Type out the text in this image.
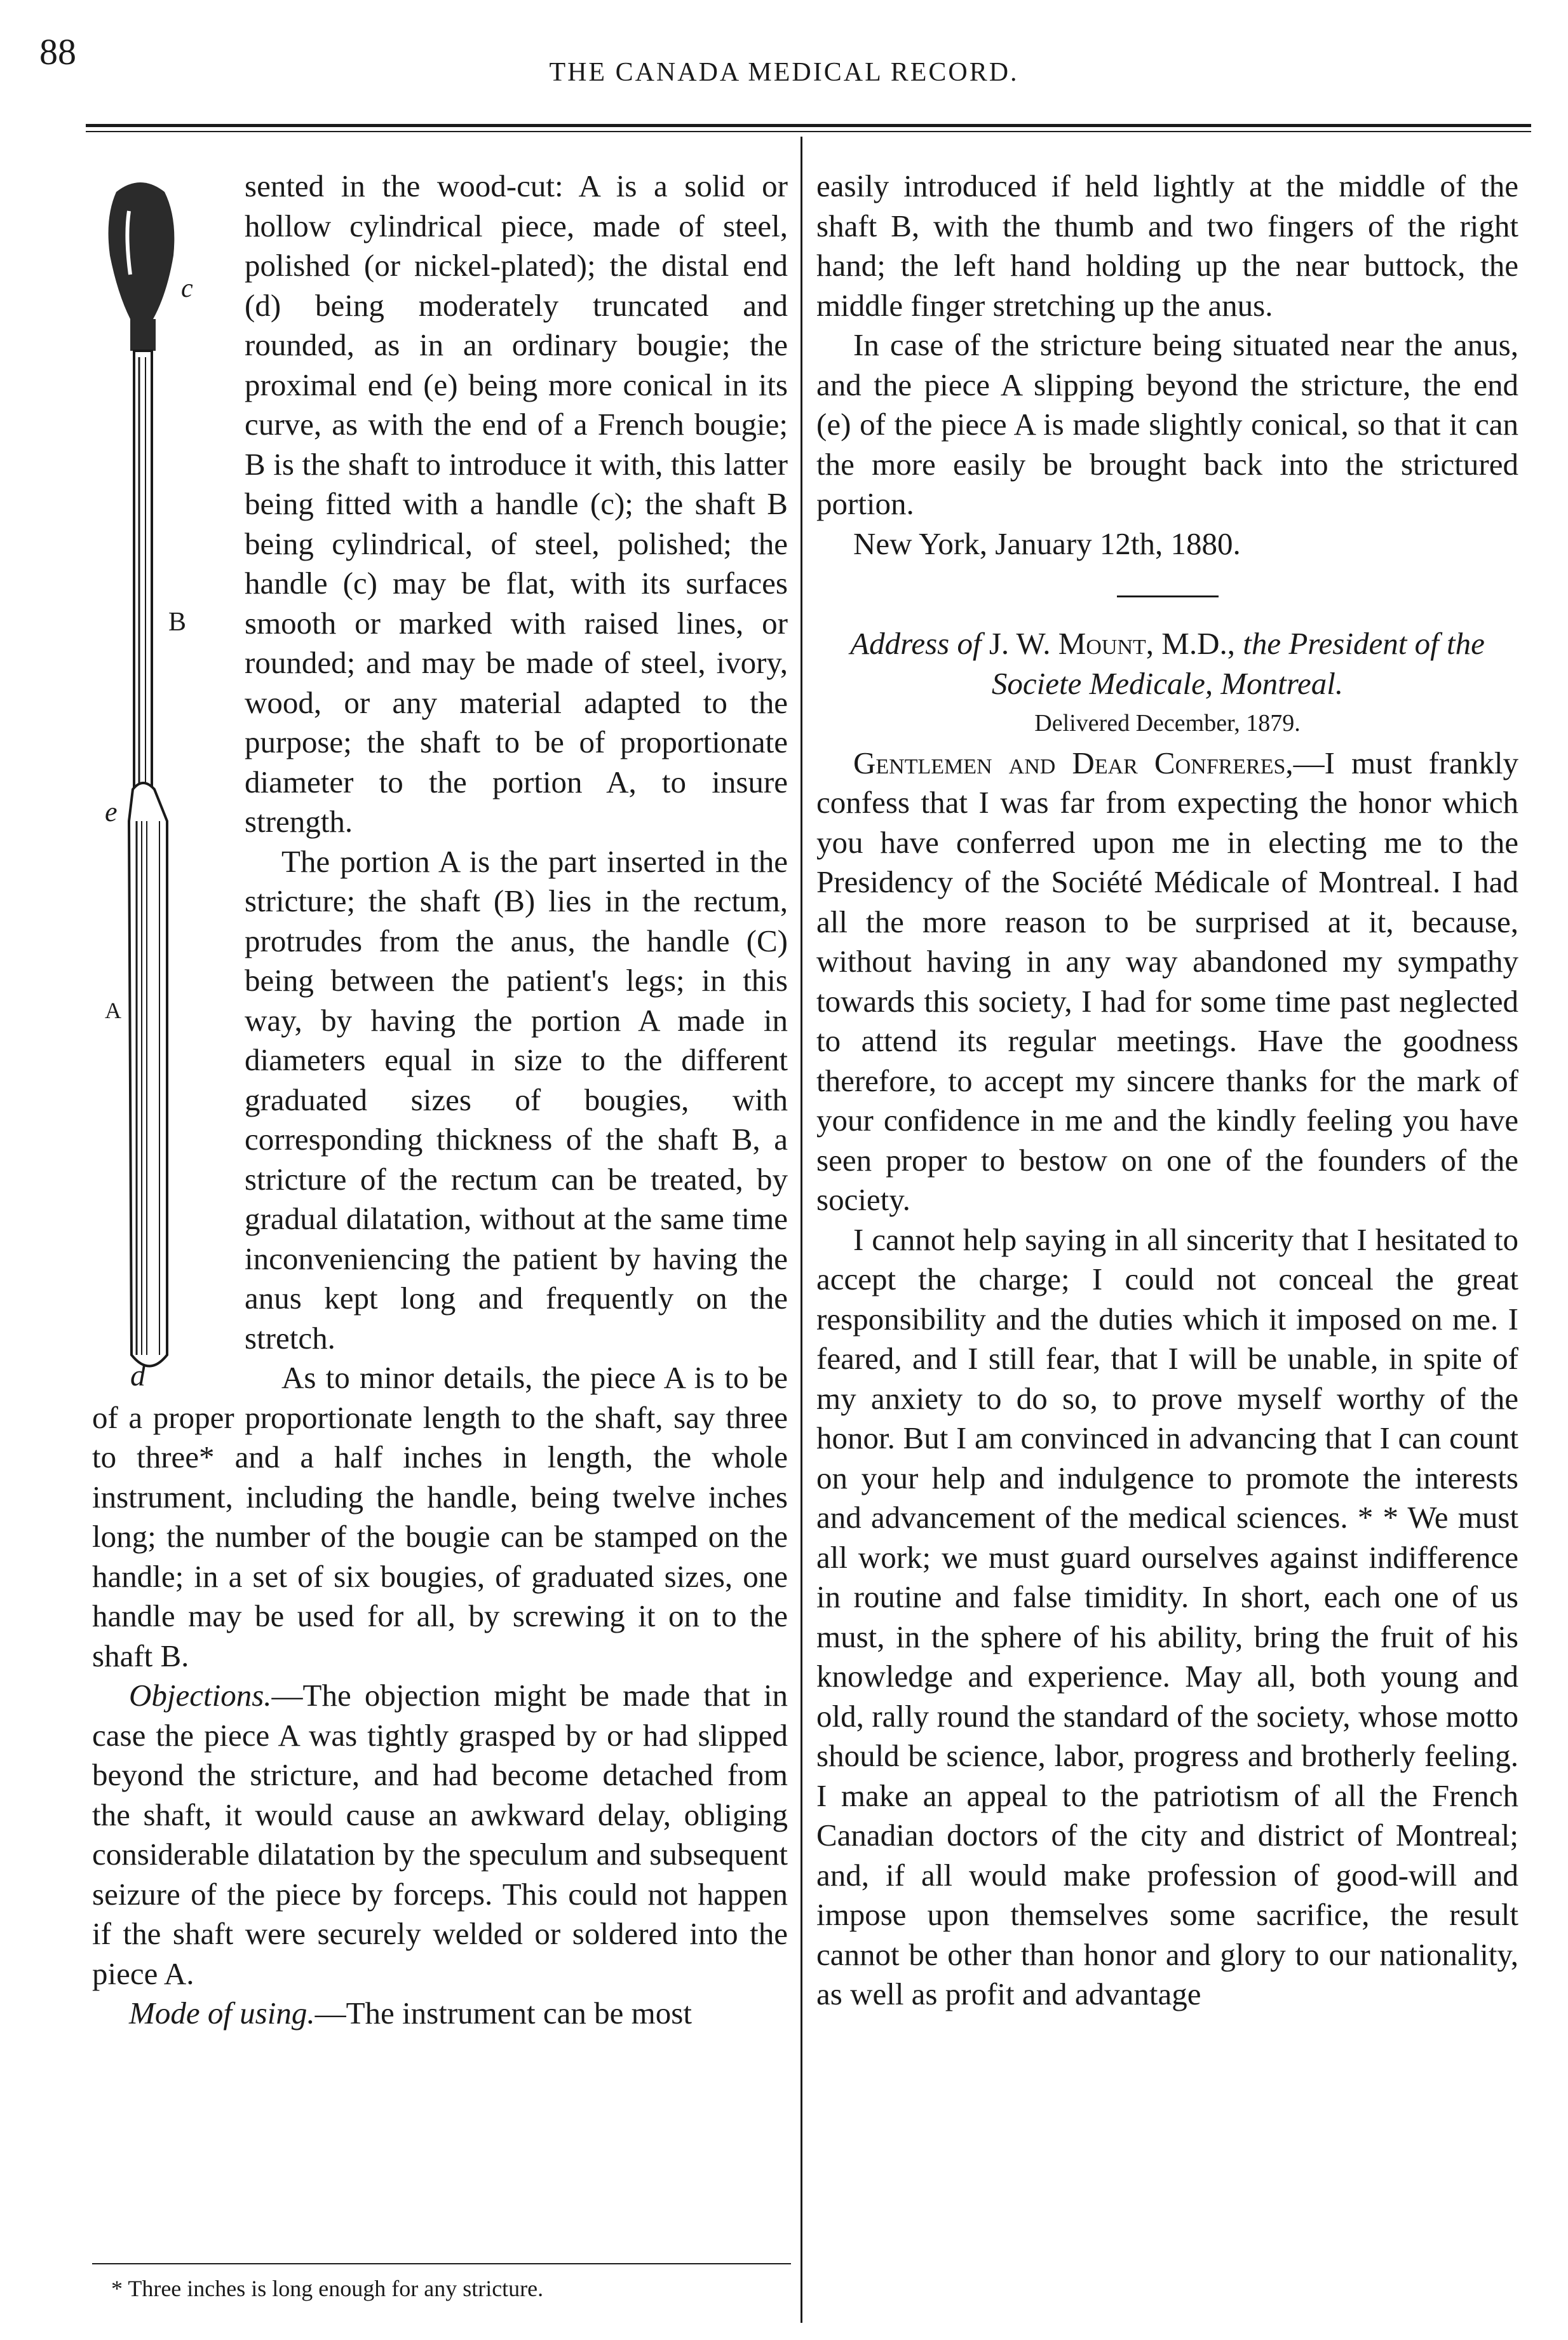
88	THE CANADA MEDICAL RECORD.
c
B
e
A
d

sented in the wood-cut: A is a solid or hollow cylindrical piece, made of steel, polished (or nickel-plated); the distal end (d) being moderately truncated and rounded, as in an ordinary bougie; the proximal end (e) being more conical in its curve, as with the end of a French bougie; B is the shaft to introduce it with, this latter being fitted with a handle (c); the shaft B being cylindrical, of steel, polished; the handle (c) may be flat, with its surfaces smooth or marked with raised lines, or rounded; and may be made of steel, ivory, wood, or any material adapted to the purpose; the shaft to be of proportionate diameter to the portion A, to insure strength.

The portion A is the part inserted in the stricture; the shaft (B) lies in the rectum, protrudes from the anus, the handle (C) being between the patient's legs; in this way, by having the portion A made in diameters equal in size to the different graduated sizes of bougies, with corresponding thickness of the shaft B, a stricture of the rectum can be treated, by gradual dilatation, without at the same time inconveniencing the patient by having the anus kept long and frequently on the stretch.

As to minor details, the piece A is to be of a proper proportionate length to the shaft, say three to three* and a half inches in length, the whole instrument, including the handle, being twelve inches long; the number of the bougie can be stamped on the handle; in a set of six bougies, of graduated sizes, one handle may be used for all, by screwing it on to the shaft B.

Objections.—The objection might be made that in case the piece A was tightly grasped by or had slipped beyond the stricture, and had become detached from the shaft, it would cause an awkward delay, obliging considerable dilatation by the speculum and subsequent seizure of the piece by forceps. This could not happen if the shaft were securely welded or soldered into the piece A.

Mode of using.—The instrument can be most

easily introduced if held lightly at the middle of the shaft B, with the thumb and two fingers of the right hand; the left hand holding up the near buttock, the middle finger stretching up the anus.

In case of the stricture being situated near the anus, and the piece A slipping beyond the stricture, the end (e) of the piece A is made slightly conical, so that it can the more easily be brought back into the strictured portion.

New York, January 12th, 1880.

Address of J. W. Mount, M.D., the President of the Societe Medicale, Montreal.

Delivered December, 1879.

Gentlemen and Dear Confreres,—I must frankly confess that I was far from expecting the honor which you have conferred upon me in electing me to the Presidency of the Société Médicale of Montreal. I had all the more reason to be surprised at it, because, without having in any way abandoned my sympathy towards this society, I had for some time past neglected to attend its regular meetings. Have the goodness therefore, to accept my sincere thanks for the mark of your confidence in me and the kindly feeling you have seen proper to bestow on one of the founders of the society.

I cannot help saying in all sincerity that I hesitated to accept the charge; I could not conceal the great responsibility and the duties which it imposed on me. I feared, and I still fear, that I will be unable, in spite of my anxiety to do so, to prove myself worthy of the honor. But I am convinced in advancing that I can count on your help and indulgence to promote the interests and advancement of the medical sciences. * * We must all work; we must guard ourselves against indifference in routine and false timidity. In short, each one of us must, in the sphere of his ability, bring the fruit of his knowledge and experience. May all, both young and old, rally round the standard of the society, whose motto should be science, labor, progress and brotherly feeling. I make an appeal to the patriotism of all the French Canadian doctors of the city and district of Montreal; and, if all would make profession of good-will and impose upon themselves some sacrifice, the result cannot be other than honor and glory to our nationality, as well as profit and advantage

* Three inches is long enough for any stricture.
